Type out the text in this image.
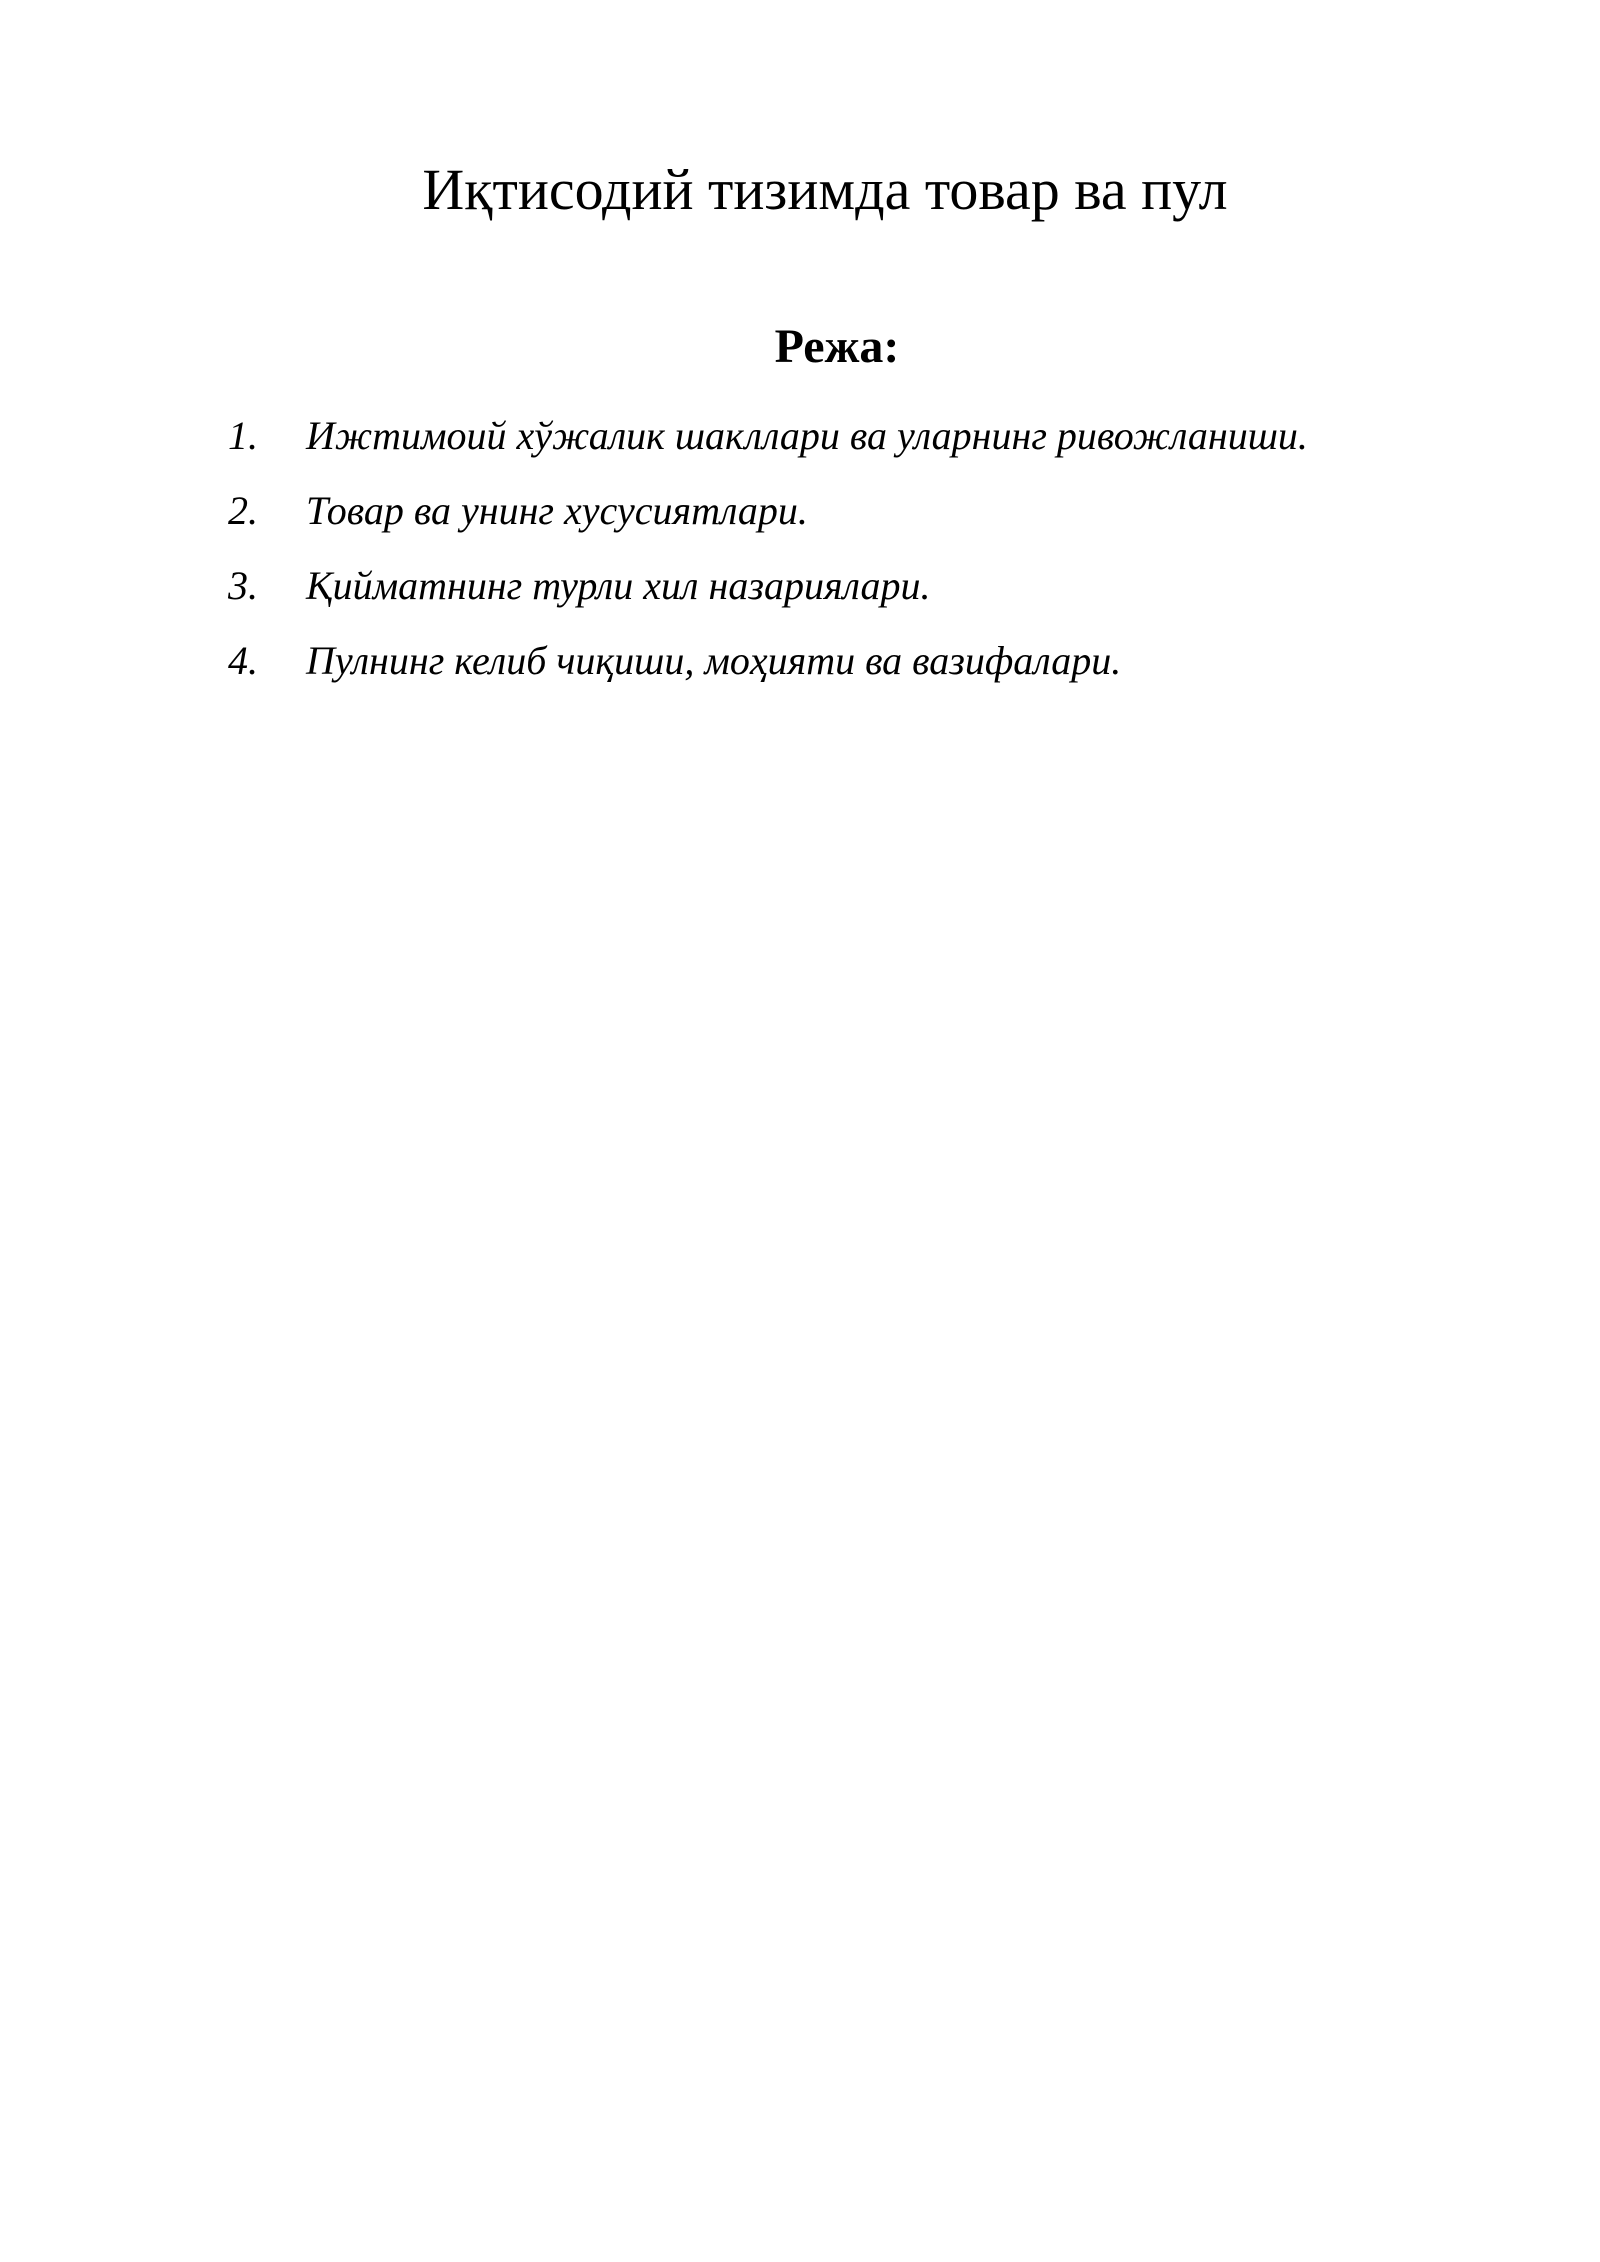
Иқтисодий тизимда товар ва пул
Режа:
1.	Ижтимоий хўжалик шакллари ва уларнинг ривожланиши.
2.	Товар ва унинг хусусиятлари.
3.	Қийматнинг турли хил назариялари.
4.	Пулнинг келиб чиқиши, моҳияти ва вазифалари.
